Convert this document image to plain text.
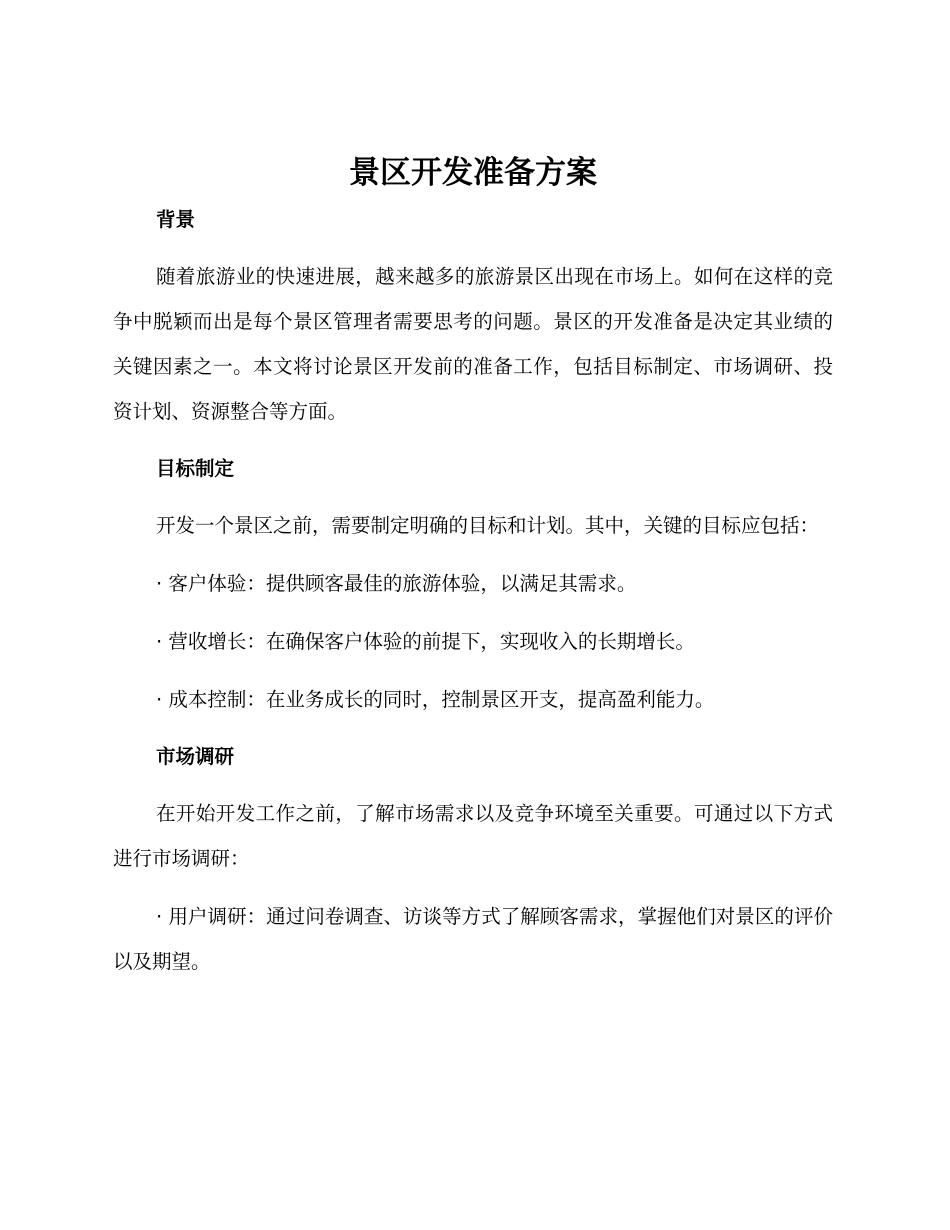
景区开发准备方案
背景

随着旅游业的快速进展，越来越多的旅游景区出现在市场上。如何在这样的竞争中脱颖而出是每个景区管理者需要思考的问题。景区的开发准备是决定其业绩的关键因素之一。本文将讨论景区开发前的准备工作，包括目标制定、市场调研、投资计划、资源整合等方面。

目标制定

开发一个景区之前，需要制定明确的目标和计划。其中，关键的目标应包括：

· 客户体验：提供顾客最佳的旅游体验，以满足其需求。

· 营收增长：在确保客户体验的前提下，实现收入的长期增长。

· 成本控制：在业务成长的同时，控制景区开支，提高盈利能力。

市场调研

在开始开发工作之前，了解市场需求以及竞争环境至关重要。可通过以下方式进行市场调研：

· 用户调研：通过问卷调查、访谈等方式了解顾客需求，掌握他们对景区的评价以及期望。
